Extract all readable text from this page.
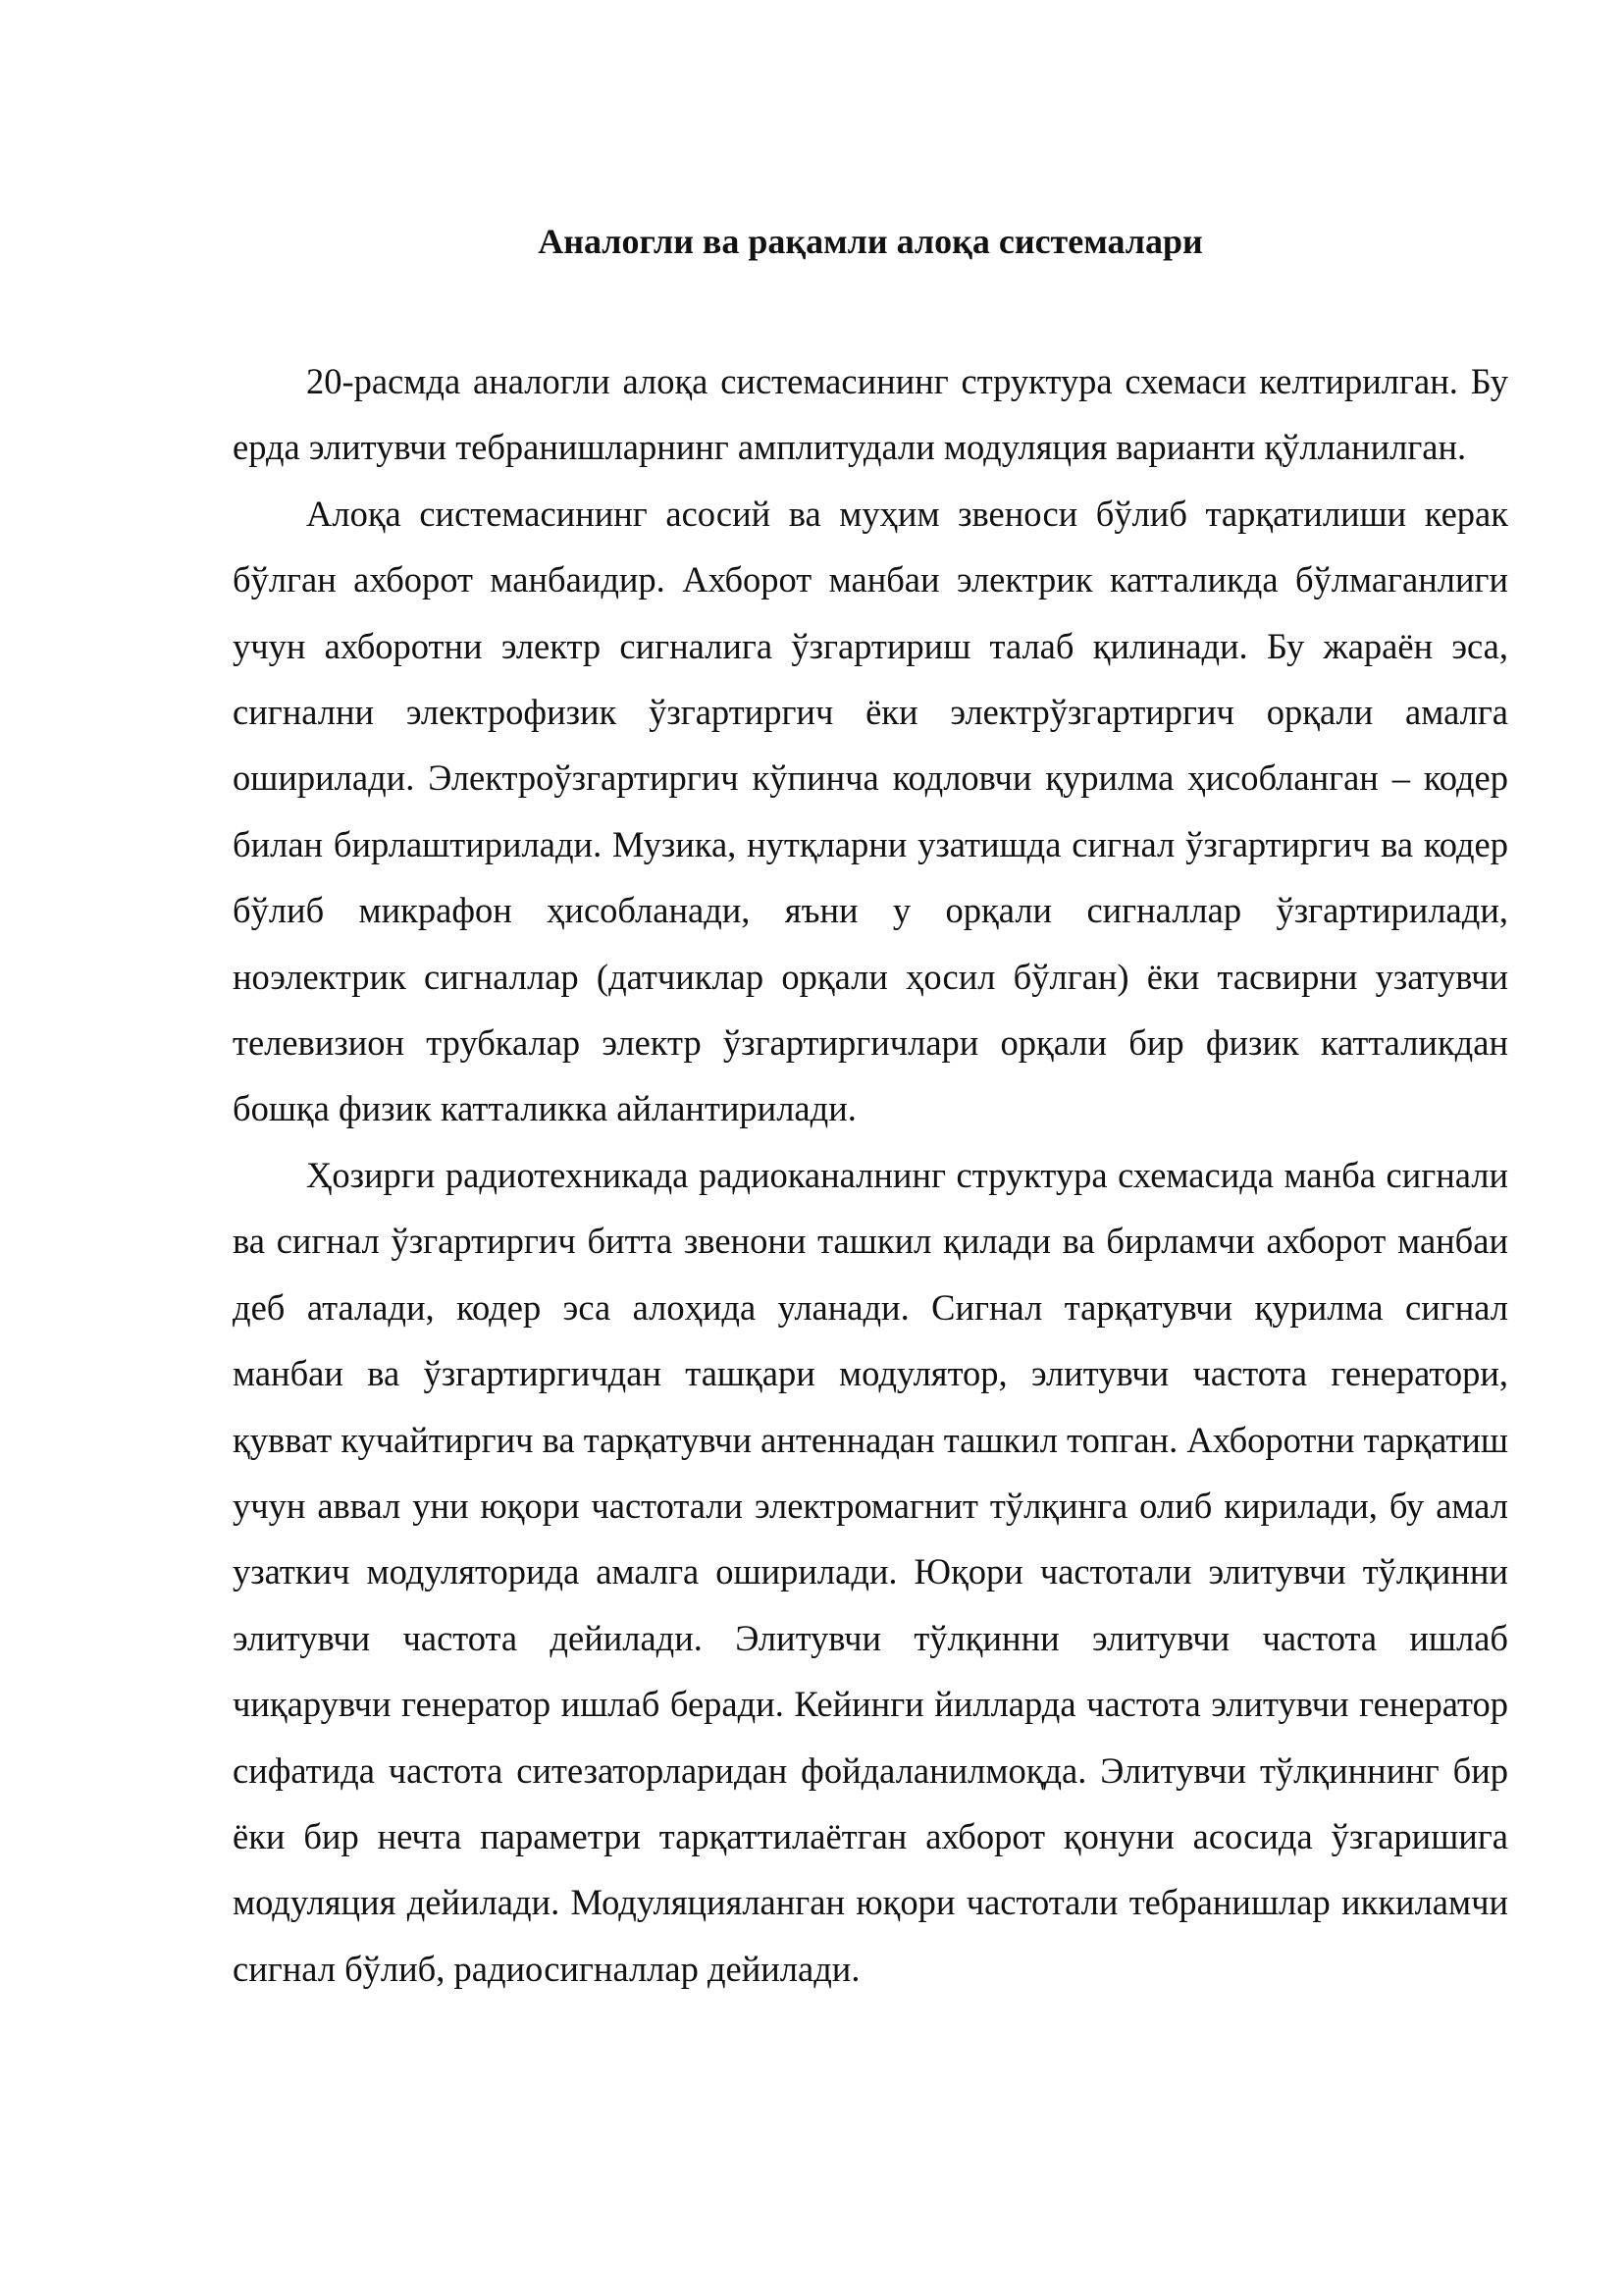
Аналогли ва рақамли алоқа системалари

20-расмда аналогли алоқа системасининг структура схемаси келтирилган. Бу ерда элитувчи тебранишларнинг амплитудали модуляция варианти қўлланилган.

Алоқа системасининг асосий ва муҳим звеноси бўлиб тарқатилиши керак бўлган ахборот манбаидир. Ахборот манбаи электрик катталикда бўлмаганлиги учун ахборотни электр сигналига ўзгартириш талаб қилинади. Бу жараён эса, сигнални электрофизик ўзгартиргич ёки электрўзгартиргич орқали амалга оширилади. Электроўзгартиргич кўпинча кодловчи қурилма ҳисобланган – кодер билан бирлаштирилади. Музика, нутқларни узатишда сигнал ўзгартиргич ва кодер бўлиб микрафон ҳисобланади, яъни у орқали сигналлар ўзгартирилади, ноэлектрик сигналлар (датчиклар орқали ҳосил бўлган) ёки тасвирни узатувчи телевизион трубкалар электр ўзгартиргичлари орқали бир физик катталикдан бошқа физик катталикка айлантирилади.

Ҳозирги радиотехникада радиоканалнинг структура схемасида манба сигнали ва сигнал ўзгартиргич битта звенони ташкил қилади ва бирламчи ахборот манбаи деб аталади, кодер эса алоҳида уланади. Сигнал тарқатувчи қурилма сигнал манбаи ва ўзгартиргичдан ташқари модулятор, элитувчи частота генератори, қувват кучайтиргич ва тарқатувчи антеннадан ташкил топган. Ахборотни тарқатиш учун аввал уни юқори частотали электромагнит тўлқинга олиб кирилади, бу амал узаткич модуляторида амалга оширилади. Юқори частотали элитувчи тўлқинни элитувчи частота дейилади. Элитувчи тўлқинни элитувчи частота ишлаб чиқарувчи генератор ишлаб беради. Кейинги йилларда частота элитувчи генератор сифатида частота ситезаторларидан фойдаланилмоқда. Элитувчи тўлқиннинг бир ёки бир нечта параметри тарқаттилаётган ахборот қонуни асосида ўзгаришига модуляция дейилади. Модуляцияланган юқори частотали тебранишлар иккиламчи сигнал бўлиб, радиосигналлар дейилади.
